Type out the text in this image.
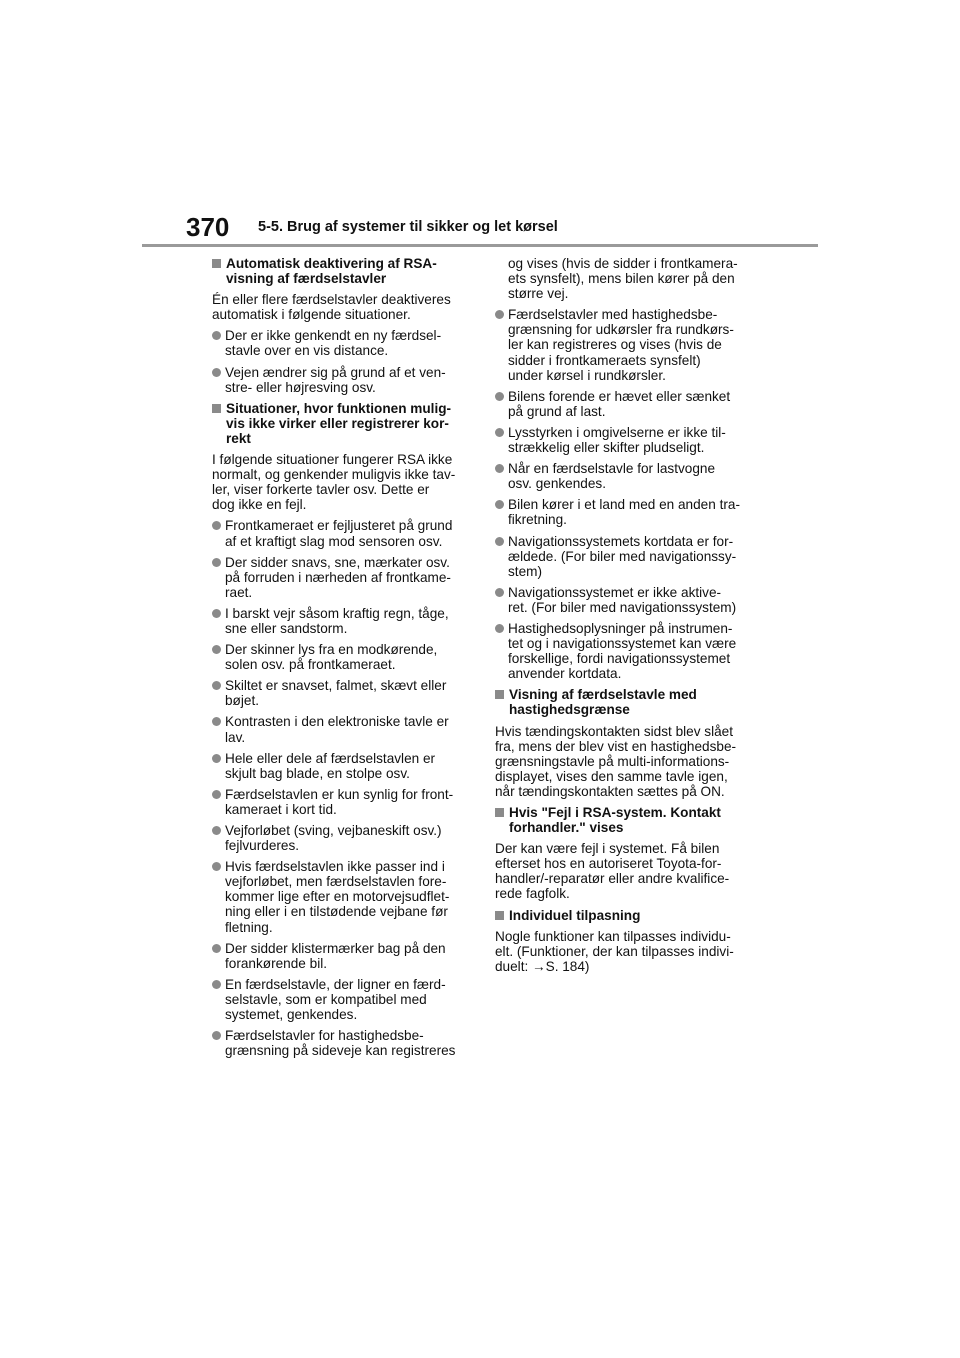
370 5-5. Brug af systemer til sikker og let kørsel
Automatisk deaktivering af RSA-
visning af færdselstavler
Én eller flere færdselstavler deaktiveres
automatisk i følgende situationer.
Der er ikke genkendt en ny færdsel-
stavle over en vis distance.
Vejen ændrer sig på grund af et ven-
stre- eller højresving osv.
Situationer, hvor funktionen mulig-
vis ikke virker eller registrerer kor-
rekt
I følgende situationer fungerer RSA ikke
normalt, og genkender muligvis ikke tav-
ler, viser forkerte tavler osv. Dette er
dog ikke en fejl.
Frontkameraet er fejljusteret på grund
af et kraftigt slag mod sensoren osv.
Der sidder snavs, sne, mærkater osv.
på forruden i nærheden af frontkame-
raet.
I barskt vejr såsom kraftig regn, tåge,
sne eller sandstorm.
Der skinner lys fra en modkørende,
solen osv. på frontkameraet.
Skiltet er snavset, falmet, skævt eller
bøjet.
Kontrasten i den elektroniske tavle er
lav.
Hele eller dele af færdselstavlen er
skjult bag blade, en stolpe osv.
Færdselstavlen er kun synlig for front-
kameraet i kort tid.
Vejforløbet (sving, vejbaneskift osv.)
fejlvurderes.
Hvis færdselstavlen ikke passer ind i
vejforløbet, men færdselstavlen fore-
kommer lige efter en motorvejsudflet-
ning eller i en tilstødende vejbane før
fletning.
Der sidder klistermærker bag på den
forankørende bil.
En færdselstavle, der ligner en færd-
selstavle, som er kompatibel med
systemet, genkendes.
Færdselstavler for hastighedsbe-
grænsning på sideveje kan registreres
og vises (hvis de sidder i frontkamera-
ets synsfelt), mens bilen kører på den
større vej.
Færdselstavler med hastighedsbe-
grænsning for udkørsler fra rundkørs-
ler kan registreres og vises (hvis de
sidder i frontkameraets synsfelt)
under kørsel i rundkørsler.
Bilens forende er hævet eller sænket
på grund af last.
Lysstyrken i omgivelserne er ikke til-
strækkelig eller skifter pludseligt.
Når en færdselstavle for lastvogne
osv. genkendes.
Bilen kører i et land med en anden tra-
fikretning.
Navigationssystemets kortdata er for-
ældede. (For biler med navigationssy-
stem)
Navigationssystemet er ikke aktive-
ret. (For biler med navigationssystem)
Hastighedsoplysninger på instrumen-
tet og i navigationssystemet kan være
forskellige, fordi navigationssystemet
anvender kortdata.
Visning af færdselstavle med
hastighedsgrænse
Hvis tændingskontakten sidst blev slået
fra, mens der blev vist en hastighedsbe-
grænsningstavle på multi-informations-
displayet, vises den samme tavle igen,
når tændingskontakten sættes på ON.
Hvis "Fejl i RSA-system. Kontakt
forhandler." vises
Der kan være fejl i systemet. Få bilen
efterset hos en autoriseret Toyota-for-
handler/-reparatør eller andre kvalifice-
rede fagfolk.
Individuel tilpasning
Nogle funktioner kan tilpasses individu-
elt. (Funktioner, der kan tilpasses indivi-
duelt: →S. 184)
